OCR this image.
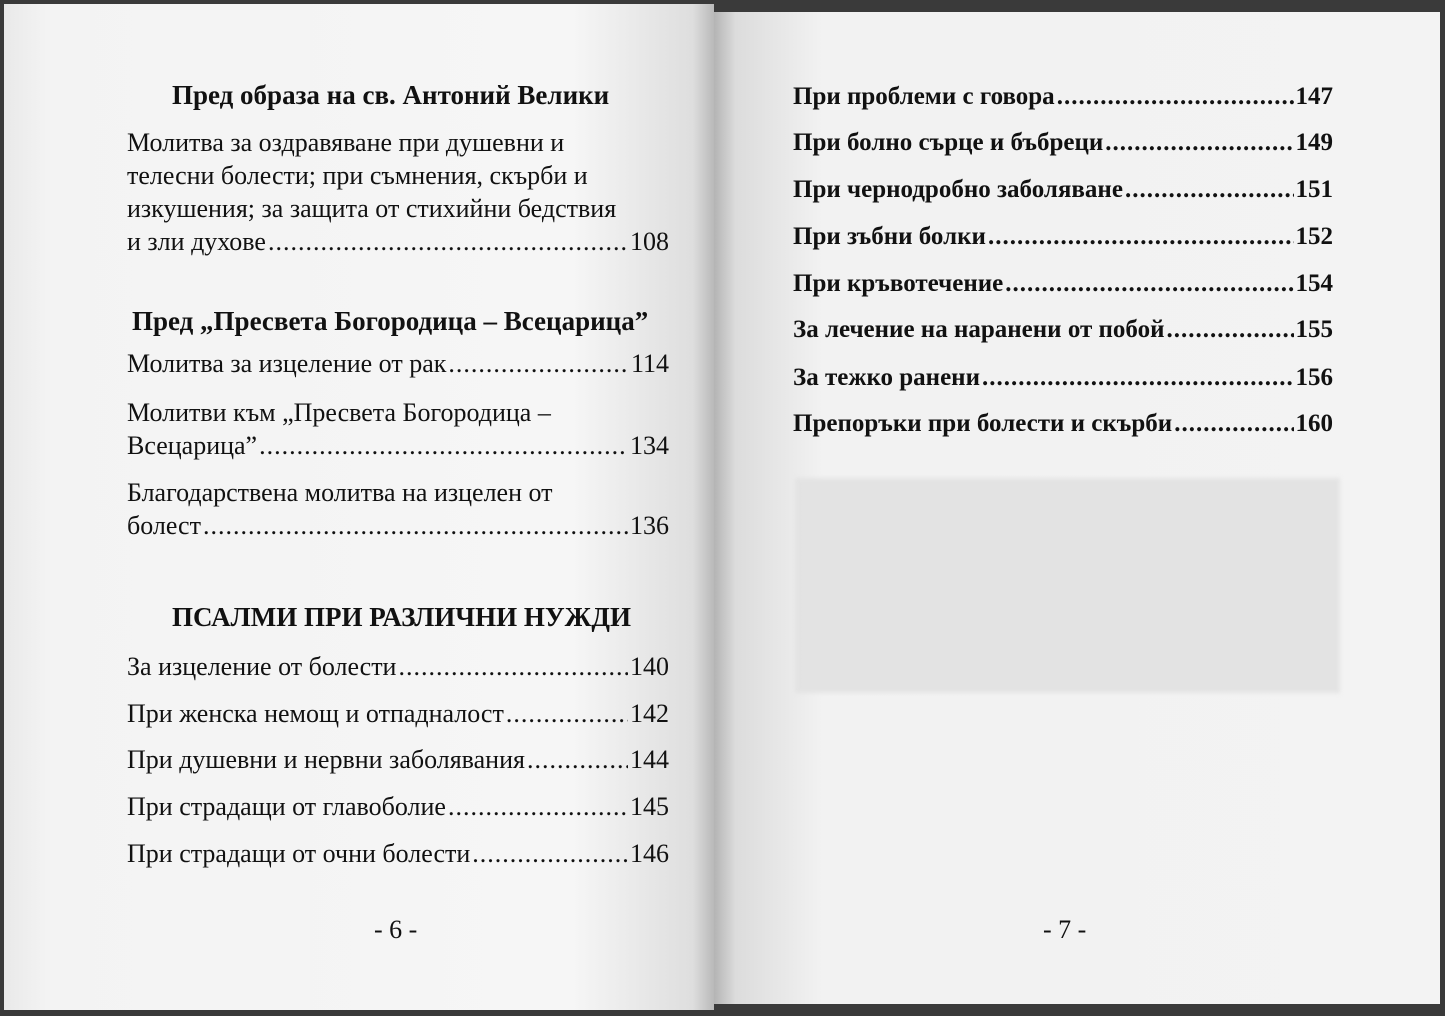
Пред образа на св. Антоний Велики
Молитва за оздравяване при душевни и
телесни болести; при съмнения, скърби и
изкушения; за защита от стихийни бедствия
и зли духове .....	108
Пред „Пресвета Богородица – Всецарица”
Молитва за изцеление от рак .....	114
Молитви към „Пресвета Богородица –
Всецарица” .....	134
Благодарствена молитва на изцелен от
болест .....	136
ПСАЛМИ ПРИ РАЗЛИЧНИ НУЖДИ
За изцеление от болести .....	140
При женска немощ и отпадналост .....	142
При душевни и нервни заболявания .....	144
При страдащи от главоболие .....	145
При страдащи от очни болести .....	146
- 6 -
При проблеми с говора .....	147
При болно сърце и бъбреци .....	149
При чернодробно заболяване .....	151
При зъбни болки .....	152
При кръвотечение .....	154
За лечение на наранени от побой .....	155
За тежко ранени .....	156
Препоръки при болести и скърби .....	160
- 7 -
